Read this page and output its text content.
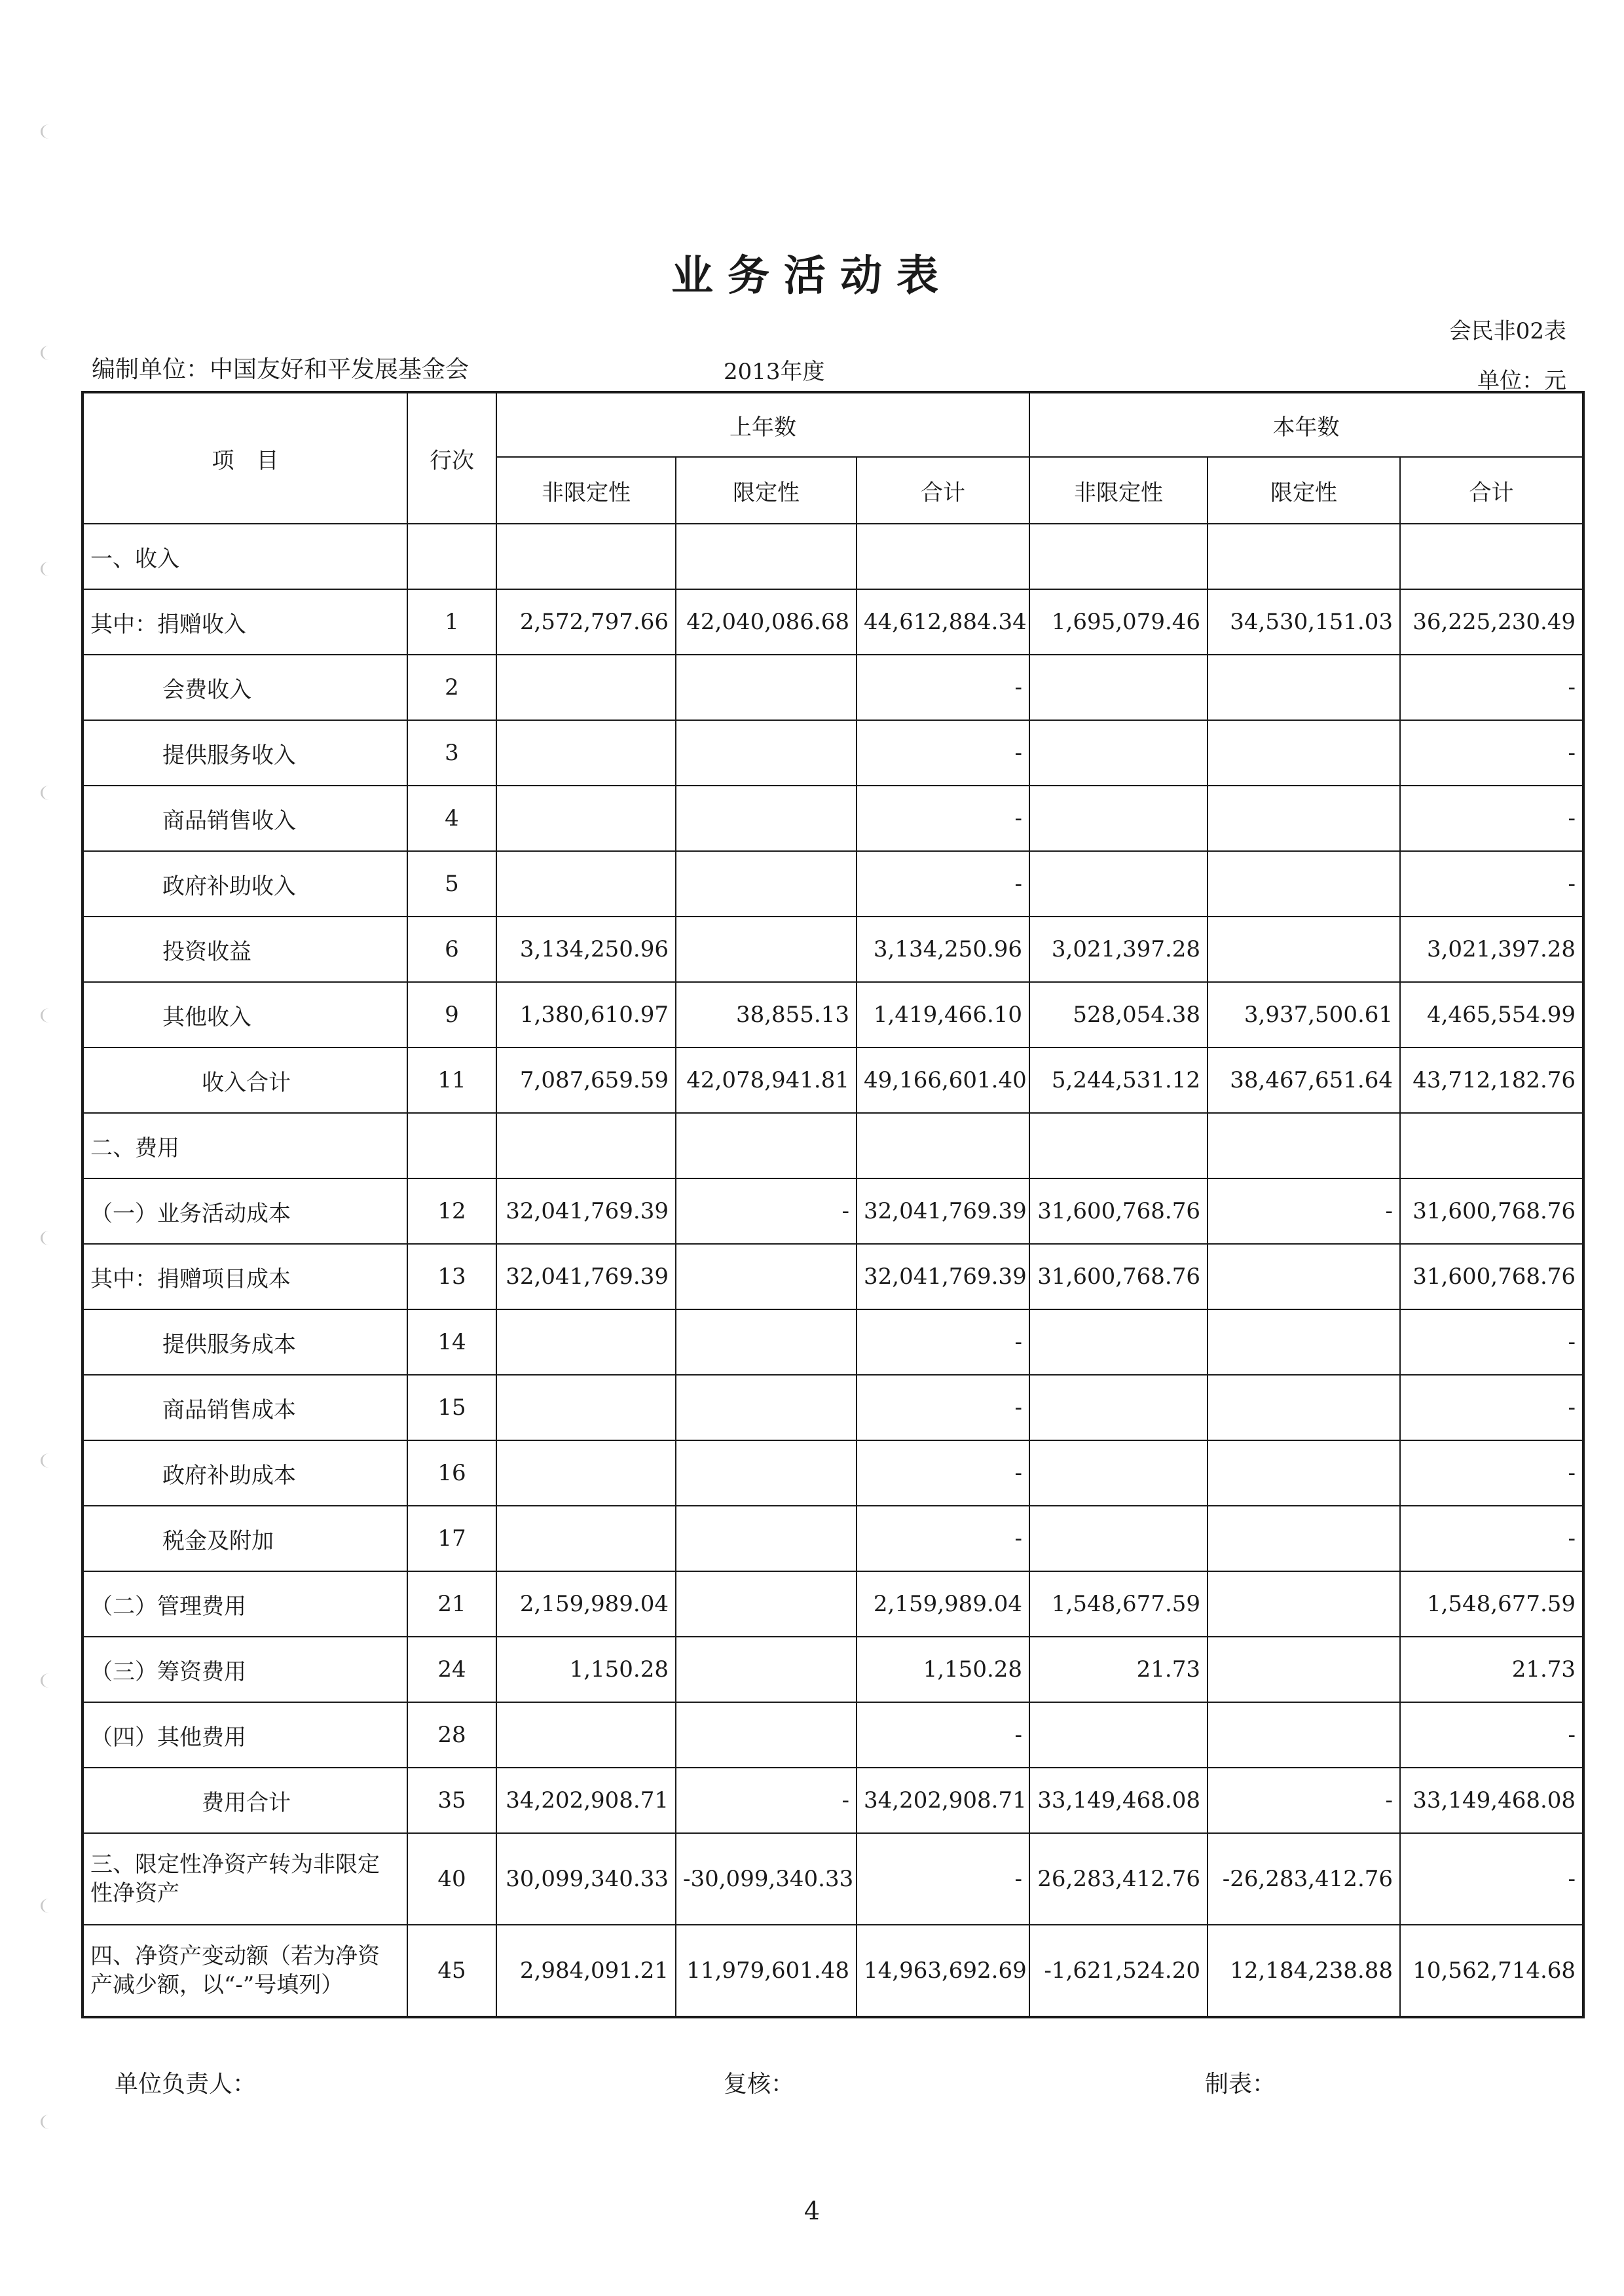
业务活动表
会民非02表
编制单位：中国友好和平发展基金会	2013年度	单位：元
项　目	行次	上年数			本年数		
		非限定性	限定性	合计	非限定性	限定性	合计
一、收入							
其中：捐赠收入	1	2,572,797.66	42,040,086.68	44,612,884.34	1,695,079.46	34,530,151.03	36,225,230.49
会费收入	2			-			-
提供服务收入	3			-			-
商品销售收入	4			-			-
政府补助收入	5			-			-
投资收益	6	3,134,250.96		3,134,250.96	3,021,397.28		3,021,397.28
其他收入	9	1,380,610.97	38,855.13	1,419,466.10	528,054.38	3,937,500.61	4,465,554.99
收入合计	11	7,087,659.59	42,078,941.81	49,166,601.40	5,244,531.12	38,467,651.64	43,712,182.76
二、费用							
（一）业务活动成本	12	32,041,769.39	-	32,041,769.39	31,600,768.76	-	31,600,768.76
其中：捐赠项目成本	13	32,041,769.39		32,041,769.39	31,600,768.76		31,600,768.76
提供服务成本	14			-			-
商品销售成本	15			-			-
政府补助成本	16			-			-
税金及附加	17			-			-
（二）管理费用	21	2,159,989.04		2,159,989.04	1,548,677.59		1,548,677.59
（三）筹资费用	24	1,150.28		1,150.28	21.73		21.73
（四）其他费用	28			-			-
费用合计	35	34,202,908.71	-	34,202,908.71	33,149,468.08	-	33,149,468.08
三、限定性净资产转为非限定性净资产	40	30,099,340.33	-30,099,340.33	-	26,283,412.76	-26,283,412.76	-
四、净资产变动额（若为净资产减少额，以“-”号填列）	45	2,984,091.21	11,979,601.48	14,963,692.69	-1,621,524.20	12,184,238.88	10,562,714.68
单位负责人：	复核：	制表：
4
